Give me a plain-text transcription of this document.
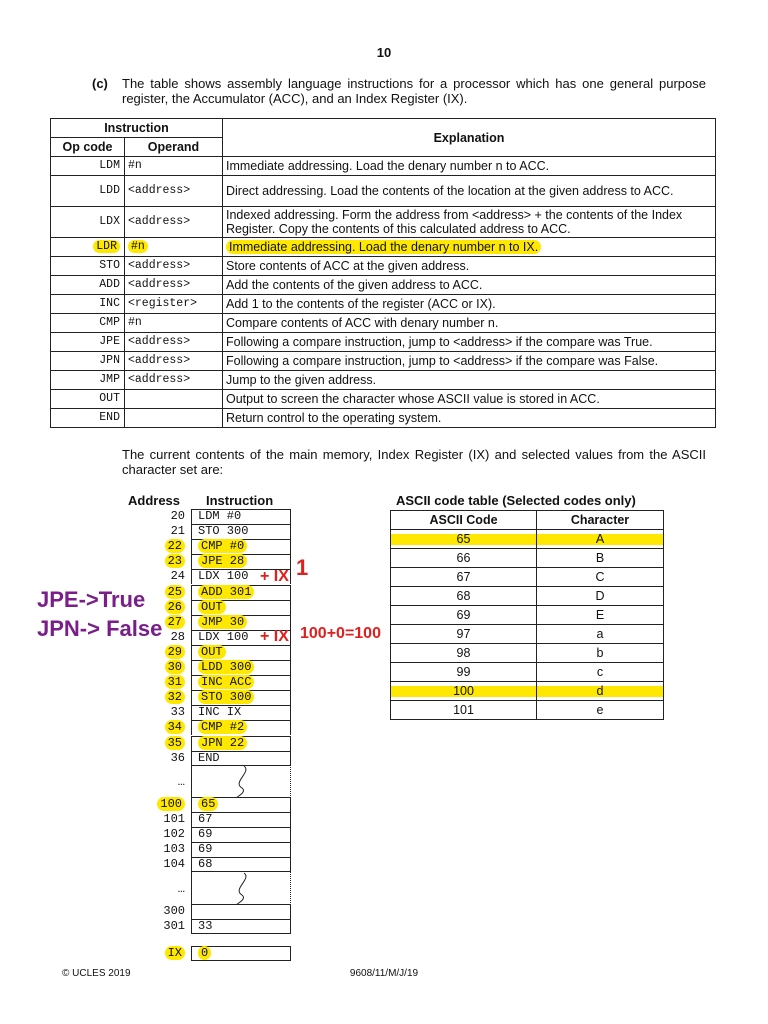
10
(c) The table shows assembly language instructions for a processor which has one general purpose register, the Accumulator (ACC), and an Index Register (IX).
Instruction		Explanation
Op code	Operand	
LDM	#n	Immediate addressing. Load the denary number n to ACC.
LDD	<address>	Direct addressing. Load the contents of the location at the given address to ACC.
LDX	<address>	Indexed addressing. Form the address from <address> + the contents of the Index Register. Copy the contents of this calculated address to ACC.
LDR	#n	Immediate addressing. Load the denary number n to IX.
STO	<address>	Store contents of ACC at the given address.
ADD	<address>	Add the contents of the given address to ACC.
INC	<register>	Add 1 to the contents of the register (ACC or IX).
CMP	#n	Compare contents of ACC with denary number n.
JPE	<address>	Following a compare instruction, jump to <address> if the compare was True.
JPN	<address>	Following a compare instruction, jump to <address> if the compare was False.
JMP	<address>	Jump to the given address.
OUT		Output to screen the character whose ASCII value is stored in ACC.
END		Return control to the operating system.
The current contents of the main memory, Index Register (IX) and selected values from the ASCII character set are:
Address Instruction
20	LDM #0
21	STO 300
22	CMP #0
23	JPE 28
24	LDX 100
25	ADD 301
26	OUT
27	JMP 30
28	LDX 100
29	OUT
30	LDD 300
31	INC ACC
32	STO 300
33	INC IX
34	CMP #2
35	JPN 22
36	END
…
100	65
101	67
102	69
103	69
104	68
…
300
301	33
IX	0
ASCII code table (Selected codes only)
ASCII Code	Character
65	A
66	B
67	C
68	D
69	E
97	a
98	b
99	c
100	d
101	e
JPE->True
JPN-> False
+ IX 1
+ IX 100+0=100
© UCLES 2019	9608/11/M/J/19
